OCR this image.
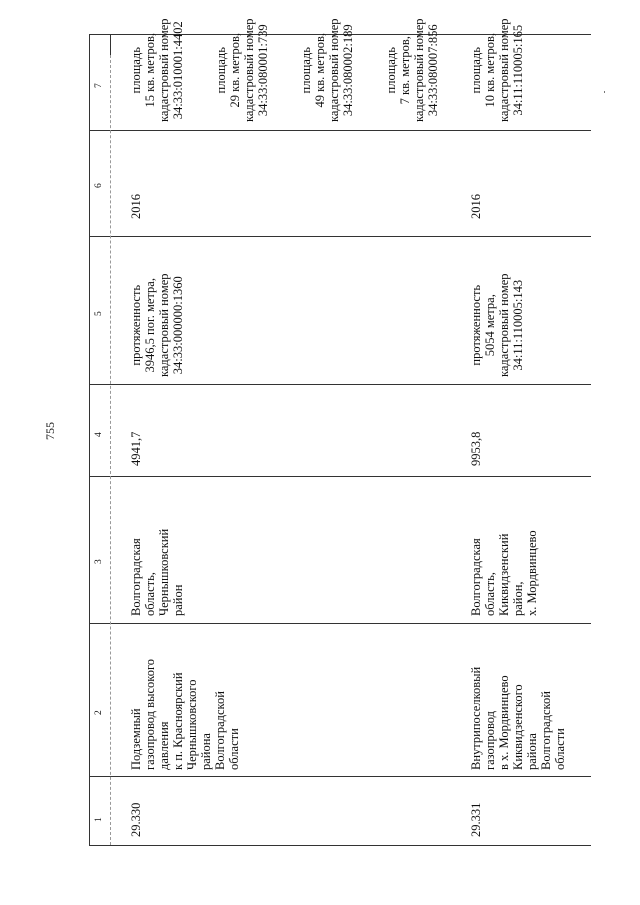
755
1
2
3
4
5
6
7
29.330
Подземный
газопровод высокого
давления
к п. Красноярский
Чернышковского
района
Волгоградской
области
Волгоградская
область,
Чернышковский
район
4941,7
протяженность
3946,5 пог. метра,
кадастровый номер
34:33:000000:1360
2016
площадь
15 кв. метров,
кадастровый номер
34:33:010001:4402 площадь
29 кв. метров,
кадастровый номер
34:33:080001:739 площадь
49 кв. метров,
кадастровый номер
34:33:080002:189 площадь
7 кв. метров,
кадастровый номер
34:33:080007:856
29.331
Внутрипоселковый
газопровод
в х. Мордвинцево
Киквидзенского
района
Волгоградской
области
Волгоградская
область,
Киквидзенский
район,
х. Мордвинцево
9953,8
протяженность
5054 метра,
кадастровый номер
34:11:110005:143
2016
площадь
10 кв. метров,
кадастровый номер
34:11:110005:165
